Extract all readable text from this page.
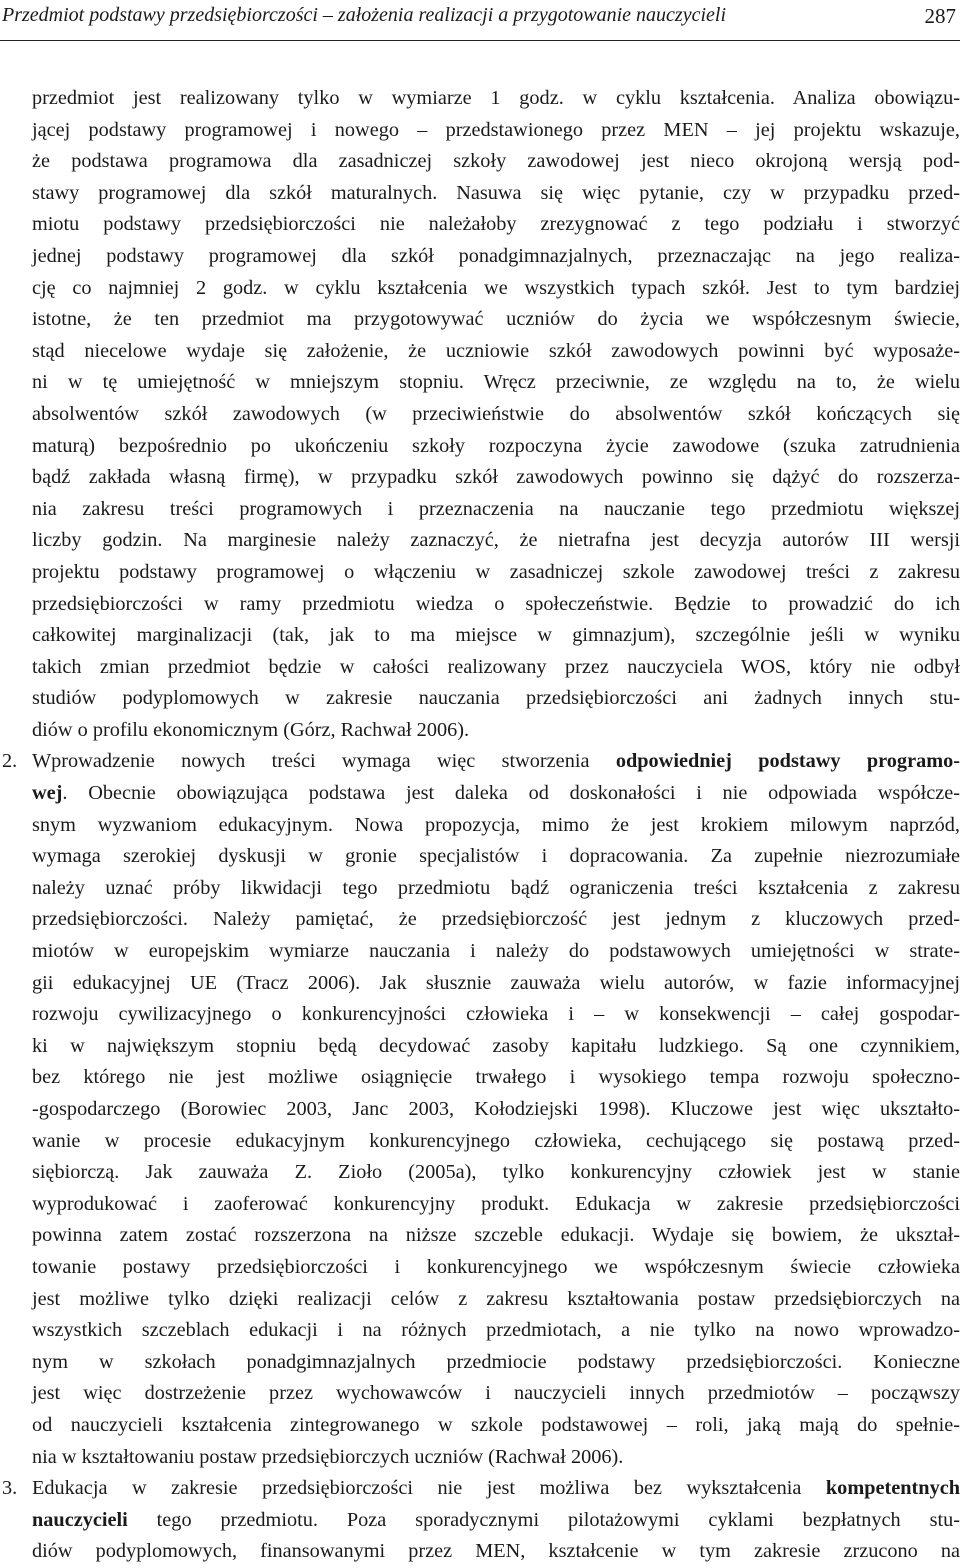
Przedmiot podstawy przedsiębiorczości – założenia realizacji a przygotowanie nauczycieli	287
przedmiot jest realizowany tylko w wymiarze 1 godz. w cyklu kształcenia. Analiza obowiązu-
jącej podstawy programowej i nowego – przedstawionego przez MEN – jej projektu wskazuje,
że podstawa programowa dla zasadniczej szkoły zawodowej jest nieco okrojoną wersją pod-
stawy programowej dla szkół maturalnych. Nasuwa się więc pytanie, czy w przypadku przed-
miotu podstawy przedsiębiorczości nie należałoby zrezygnować z tego podziału i stworzyć
jednej podstawy programowej dla szkół ponadgimnazjalnych, przeznaczając na jego realiza-
cję co najmniej 2 godz. w cyklu kształcenia we wszystkich typach szkół. Jest to tym bardziej
istotne, że ten przedmiot ma przygotowywać uczniów do życia we współczesnym świecie,
stąd niecelowe wydaje się założenie, że uczniowie szkół zawodowych powinni być wyposaże-
ni w tę umiejętność w mniejszym stopniu. Wręcz przeciwnie, ze względu na to, że wielu
absolwentów szkół zawodowych (w przeciwieństwie do absolwentów szkół kończących się
maturą) bezpośrednio po ukończeniu szkoły rozpoczyna życie zawodowe (szuka zatrudnienia
bądź zakłada własną firmę), w przypadku szkół zawodowych powinno się dążyć do rozszerza-
nia zakresu treści programowych i przeznaczenia na nauczanie tego przedmiotu większej
liczby godzin. Na marginesie należy zaznaczyć, że nietrafna jest decyzja autorów III wersji
projektu podstawy programowej o włączeniu w zasadniczej szkole zawodowej treści z zakresu
przedsiębiorczości w ramy przedmiotu wiedza o społeczeństwie. Będzie to prowadzić do ich
całkowitej marginalizacji (tak, jak to ma miejsce w gimnazjum), szczególnie jeśli w wyniku
takich zmian przedmiot będzie w całości realizowany przez nauczyciela WOS, który nie odbył
studiów podyplomowych w zakresie nauczania przedsiębiorczości ani żadnych innych stu-
diów o profilu ekonomicznym (Górz, Rachwał 2006).
2. Wprowadzenie nowych treści wymaga więc stworzenia odpowiedniej podstawy programo-
wej. Obecnie obowiązująca podstawa jest daleka od doskonałości i nie odpowiada współcze-
snym wyzwaniom edukacyjnym. Nowa propozycja, mimo że jest krokiem milowym naprzód,
wymaga szerokiej dyskusji w gronie specjalistów i dopracowania. Za zupełnie niezrozumiałe
należy uznać próby likwidacji tego przedmiotu bądź ograniczenia treści kształcenia z zakresu
przedsiębiorczości. Należy pamiętać, że przedsiębiorczość jest jednym z kluczowych przed-
miotów w europejskim wymiarze nauczania i należy do podstawowych umiejętności w strate-
gii edukacyjnej UE (Tracz 2006). Jak słusznie zauważa wielu autorów, w fazie informacyjnej
rozwoju cywilizacyjnego o konkurencyjności człowieka i – w konsekwencji – całej gospodar-
ki w największym stopniu będą decydować zasoby kapitału ludzkiego. Są one czynnikiem,
bez którego nie jest możliwe osiągnięcie trwałego i wysokiego tempa rozwoju społeczno-
-gospodarczego (Borowiec 2003, Janc 2003, Kołodziejski 1998). Kluczowe jest więc ukształto-
wanie w procesie edukacyjnym konkurencyjnego człowieka, cechującego się postawą przed-
siębiorczą. Jak zauważa Z. Zioło (2005a), tylko konkurencyjny człowiek jest w stanie
wyprodukować i zaoferować konkurencyjny produkt. Edukacja w zakresie przedsiębiorczości
powinna zatem zostać rozszerzona na niższe szczeble edukacji. Wydaje się bowiem, że ukształ-
towanie postawy przedsiębiorczości i konkurencyjnego we współczesnym świecie człowieka
jest możliwe tylko dzięki realizacji celów z zakresu kształtowania postaw przedsiębiorczych na
wszystkich szczeblach edukacji i na różnych przedmiotach, a nie tylko na nowo wprowadzo-
nym w szkołach ponadgimnazjalnych przedmiocie podstawy przedsiębiorczości. Konieczne
jest więc dostrzeżenie przez wychowawców i nauczycieli innych przedmiotów – począwszy
od nauczycieli kształcenia zintegrowanego w szkole podstawowej – roli, jaką mają do spełnie-
nia w kształtowaniu postaw przedsiębiorczych uczniów (Rachwał 2006).
3. Edukacja w zakresie przedsiębiorczości nie jest możliwa bez wykształcenia kompetentnych
nauczycieli tego przedmiotu. Poza sporadycznymi pilotażowymi cyklami bezpłatnych stu-
diów podyplomowych, finansowanymi przez MEN, kształcenie w tym zakresie zrzucono na
